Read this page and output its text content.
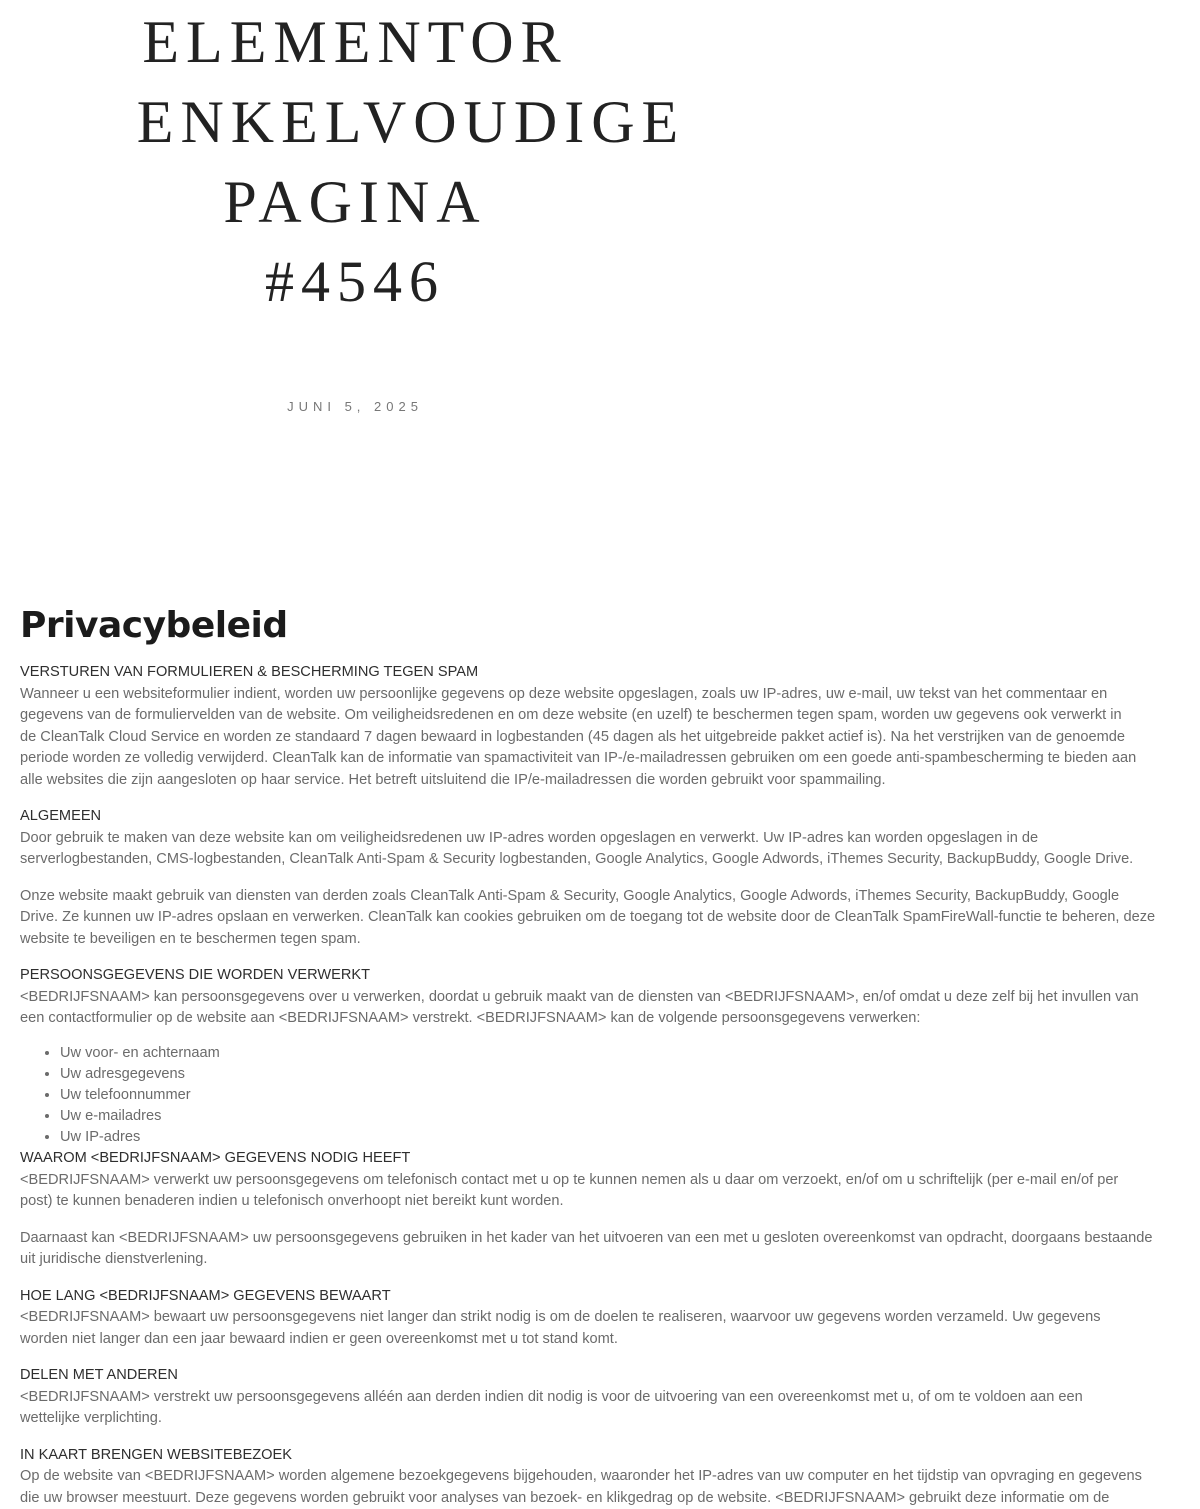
ELEMENTOR
ENKELVOUDIGE
PAGINA
#4546

JUNI 5, 2025

Privacybeleid
VERSTUREN VAN FORMULIEREN & BESCHERMING TEGEN SPAM

Wanneer u een websiteformulier indient, worden uw persoonlijke gegevens op deze website opgeslagen, zoals uw IP-adres, uw e-mail, uw tekst van het commentaar en
gegevens van de formuliervelden van de website. Om veiligheidsredenen en om deze website (en uzelf) te beschermen tegen spam, worden uw gegevens ook verwerkt in
de CleanTalk Cloud Service en worden ze standaard 7 dagen bewaard in logbestanden (45 dagen als het uitgebreide pakket actief is). Na het verstrijken van de genoemde
periode worden ze volledig verwijderd. CleanTalk kan de informatie van spamactiviteit van IP-/e-mailadressen gebruiken om een goede anti-spambescherming te bieden aan
alle websites die zijn aangesloten op haar service. Het betreft uitsluitend die IP/e-mailadressen die worden gebruikt voor spammailing.

ALGEMEEN

Door gebruik te maken van deze website kan om veiligheidsredenen uw IP-adres worden opgeslagen en verwerkt. Uw IP-adres kan worden opgeslagen in de
serverlogbestanden, CMS-logbestanden, CleanTalk Anti-Spam & Security logbestanden, Google Analytics, Google Adwords, iThemes Security, BackupBuddy, Google Drive.

Onze website maakt gebruik van diensten van derden zoals CleanTalk Anti-Spam & Security, Google Analytics, Google Adwords, iThemes Security, BackupBuddy, Google
Drive. Ze kunnen uw IP-adres opslaan en verwerken. CleanTalk kan cookies gebruiken om de toegang tot de website door de CleanTalk SpamFireWall-functie te beheren, deze
website te beveiligen en te beschermen tegen spam.

PERSOONSGEGEVENS DIE WORDEN VERWERKT

<BEDRIJFSNAAM> kan persoonsgegevens over u verwerken, doordat u gebruik maakt van de diensten van <BEDRIJFSNAAM>, en/of omdat u deze zelf bij het invullen van
een contactformulier op de website aan <BEDRIJFSNAAM> verstrekt. <BEDRIJFSNAAM> kan de volgende persoonsgegevens verwerken:

• Uw voor- en achternaam
• Uw adresgegevens
• Uw telefoonnummer
• Uw e-mailadres
• Uw IP-adres
WAAROM <BEDRIJFSNAAM> GEGEVENS NODIG HEEFT

<BEDRIJFSNAAM> verwerkt uw persoonsgegevens om telefonisch contact met u op te kunnen nemen als u daar om verzoekt, en/of om u schriftelijk (per e-mail en/of per
post) te kunnen benaderen indien u telefonisch onverhoopt niet bereikt kunt worden.

Daarnaast kan <BEDRIJFSNAAM> uw persoonsgegevens gebruiken in het kader van het uitvoeren van een met u gesloten overeenkomst van opdracht, doorgaans bestaande
uit juridische dienstverlening.

HOE LANG <BEDRIJFSNAAM> GEGEVENS BEWAART

<BEDRIJFSNAAM> bewaart uw persoonsgegevens niet langer dan strikt nodig is om de doelen te realiseren, waarvoor uw gegevens worden verzameld. Uw gegevens
worden niet langer dan een jaar bewaard indien er geen overeenkomst met u tot stand komt.

DELEN MET ANDEREN

<BEDRIJFSNAAM> verstrekt uw persoonsgegevens alléén aan derden indien dit nodig is voor de uitvoering van een overeenkomst met u, of om te voldoen aan een
wettelijke verplichting.

IN KAART BRENGEN WEBSITEBEZOEK

Op de website van <BEDRIJFSNAAM> worden algemene bezoekgegevens bijgehouden, waaronder het IP-adres van uw computer en het tijdstip van opvraging en gegevens
die uw browser meestuurt. Deze gegevens worden gebruikt voor analyses van bezoek- en klikgedrag op de website. <BEDRIJFSNAAM> gebruikt deze informatie om de
